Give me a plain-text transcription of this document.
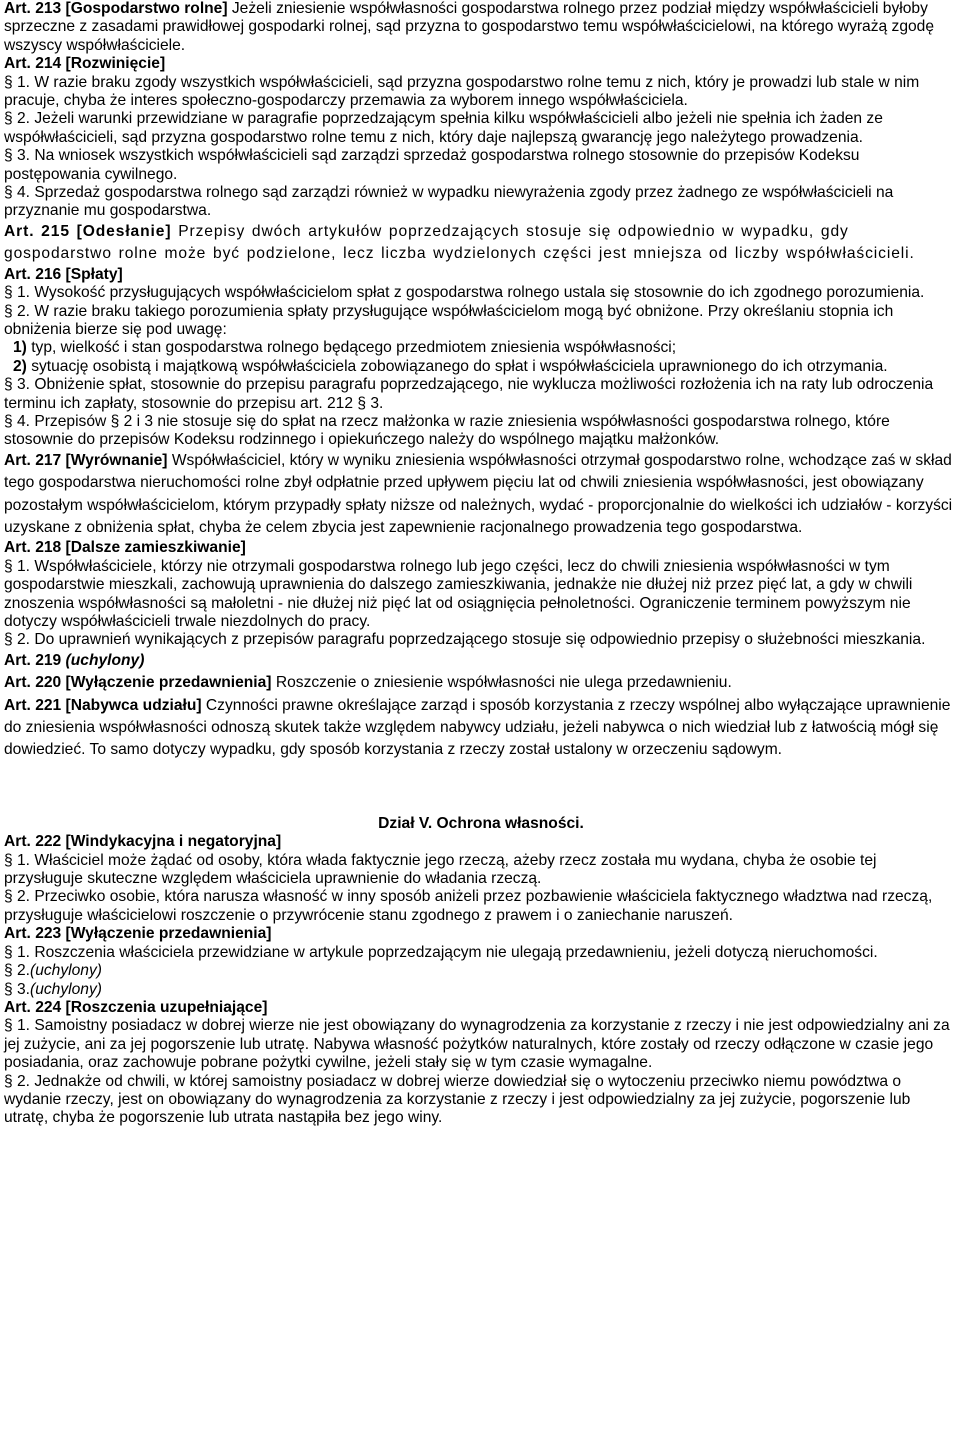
Art. 213 [Gospodarstwo rolne] Jeżeli zniesienie współwłasności gospodarstwa rolnego przez podział między współwłaścicieli byłoby sprzeczne z zasadami prawidłowej gospodarki rolnej, sąd przyzna to gospodarstwo temu współwłaścicielowi, na którego wyrażą zgodę wszyscy współwłaściciele.

Art. 214 [Rozwinięcie]

§ 1. W razie braku zgody wszystkich współwłaścicieli, sąd przyzna gospodarstwo rolne temu z nich, który je prowadzi lub stale w nim pracuje, chyba że interes społeczno-gospodarczy przemawia za wyborem innego współwłaściciela.

§ 2. Jeżeli warunki przewidziane w paragrafie poprzedzającym spełnia kilku współwłaścicieli albo jeżeli nie spełnia ich żaden ze współwłaścicieli, sąd przyzna gospodarstwo rolne temu z nich, który daje najlepszą gwarancję jego należytego prowadzenia.

§ 3. Na wniosek wszystkich współwłaścicieli sąd zarządzi sprzedaż gospodarstwa rolnego stosownie do przepisów Kodeksu postępowania cywilnego.

§ 4. Sprzedaż gospodarstwa rolnego sąd zarządzi również w wypadku niewyrażenia zgody przez żadnego ze współwłaścicieli na przyznanie mu gospodarstwa.

Art. 215 [Odesłanie] Przepisy dwóch artykułów poprzedzających stosuje się odpowiednio w wypadku, gdy gospodarstwo rolne może być podzielone, lecz liczba wydzielonych części jest mniejsza od liczby współwłaścicieli.

Art. 216 [Spłaty]

§ 1. Wysokość przysługujących współwłaścicielom spłat z gospodarstwa rolnego ustala się stosownie do ich zgodnego porozumienia.

§ 2. W razie braku takiego porozumienia spłaty przysługujące współwłaścicielom mogą być obniżone. Przy określaniu stopnia ich obniżenia bierze się pod uwagę:

1) typ, wielkość i stan gospodarstwa rolnego będącego przedmiotem zniesienia współwłasności;

2) sytuację osobistą i majątkową współwłaściciela zobowiązanego do spłat i współwłaściciela uprawnionego do ich otrzymania.

§ 3. Obniżenie spłat, stosownie do przepisu paragrafu poprzedzającego, nie wyklucza możliwości rozłożenia ich na raty lub odroczenia terminu ich zapłaty, stosownie do przepisu art. 212 § 3.

§ 4. Przepisów § 2 i 3 nie stosuje się do spłat na rzecz małżonka w razie zniesienia współwłasności gospodarstwa rolnego, które stosownie do przepisów Kodeksu rodzinnego i opiekuńczego należy do wspólnego majątku małżonków.

Art. 217 [Wyrównanie] Współwłaściciel, który w wyniku zniesienia współwłasności otrzymał gospodarstwo rolne, wchodzące zaś w skład tego gospodarstwa nieruchomości rolne zbył odpłatnie przed upływem pięciu lat od chwili zniesienia współwłasności, jest obowiązany pozostałym współwłaścicielom, którym przypadły spłaty niższe od należnych, wydać - proporcjonalnie do wielkości ich udziałów - korzyści uzyskane z obniżenia spłat, chyba że celem zbycia jest zapewnienie racjonalnego prowadzenia tego gospodarstwa.

Art. 218 [Dalsze zamieszkiwanie]

§ 1. Współwłaściciele, którzy nie otrzymali gospodarstwa rolnego lub jego części, lecz do chwili zniesienia współwłasności w tym gospodarstwie mieszkali, zachowują uprawnienia do dalszego zamieszkiwania, jednakże nie dłużej niż przez pięć lat, a gdy w chwili znoszenia współwłasności są małoletni - nie dłużej niż pięć lat od osiągnięcia pełnoletności. Ograniczenie terminem powyższym nie dotyczy współwłaścicieli trwale niezdolnych do pracy.

§ 2. Do uprawnień wynikających z przepisów paragrafu poprzedzającego stosuje się odpowiednio przepisy o służebności mieszkania.

Art. 219 (uchylony)

Art. 220 [Wyłączenie przedawnienia] Roszczenie o zniesienie współwłasności nie ulega przedawnieniu.

Art. 221 [Nabywca udziału] Czynności prawne określające zarząd i sposób korzystania z rzeczy wspólnej albo wyłączające uprawnienie do zniesienia współwłasności odnoszą skutek także względem nabywcy udziału, jeżeli nabywca o nich wiedział lub z łatwością mógł się dowiedzieć. To samo dotyczy wypadku, gdy sposób korzystania z rzeczy został ustalony w orzeczeniu sądowym.

Dział V. Ochrona własności.

Art. 222 [Windykacyjna i negatoryjna]

§ 1. Właściciel może żądać od osoby, która włada faktycznie jego rzeczą, ażeby rzecz została mu wydana, chyba że osobie tej przysługuje skuteczne względem właściciela uprawnienie do władania rzeczą.

§ 2. Przeciwko osobie, która narusza własność w inny sposób aniżeli przez pozbawienie właściciela faktycznego władztwa nad rzeczą, przysługuje właścicielowi roszczenie o przywrócenie stanu zgodnego z prawem i o zaniechanie naruszeń.

Art. 223 [Wyłączenie przedawnienia]

§ 1. Roszczenia właściciela przewidziane w artykule poprzedzającym nie ulegają przedawnieniu, jeżeli dotyczą nieruchomości.

§ 2.(uchylony)

§ 3.(uchylony)

Art. 224 [Roszczenia uzupełniające]

§ 1. Samoistny posiadacz w dobrej wierze nie jest obowiązany do wynagrodzenia za korzystanie z rzeczy i nie jest odpowiedzialny ani za jej zużycie, ani za jej pogorszenie lub utratę. Nabywa własność pożytków naturalnych, które zostały od rzeczy odłączone w czasie jego posiadania, oraz zachowuje pobrane pożytki cywilne, jeżeli stały się w tym czasie wymagalne.

§ 2. Jednakże od chwili, w której samoistny posiadacz w dobrej wierze dowiedział się o wytoczeniu przeciwko niemu powództwa o wydanie rzeczy, jest on obowiązany do wynagrodzenia za korzystanie z rzeczy i jest odpowiedzialny za jej zużycie, pogorszenie lub utratę, chyba że pogorszenie lub utrata nastąpiła bez jego winy.
